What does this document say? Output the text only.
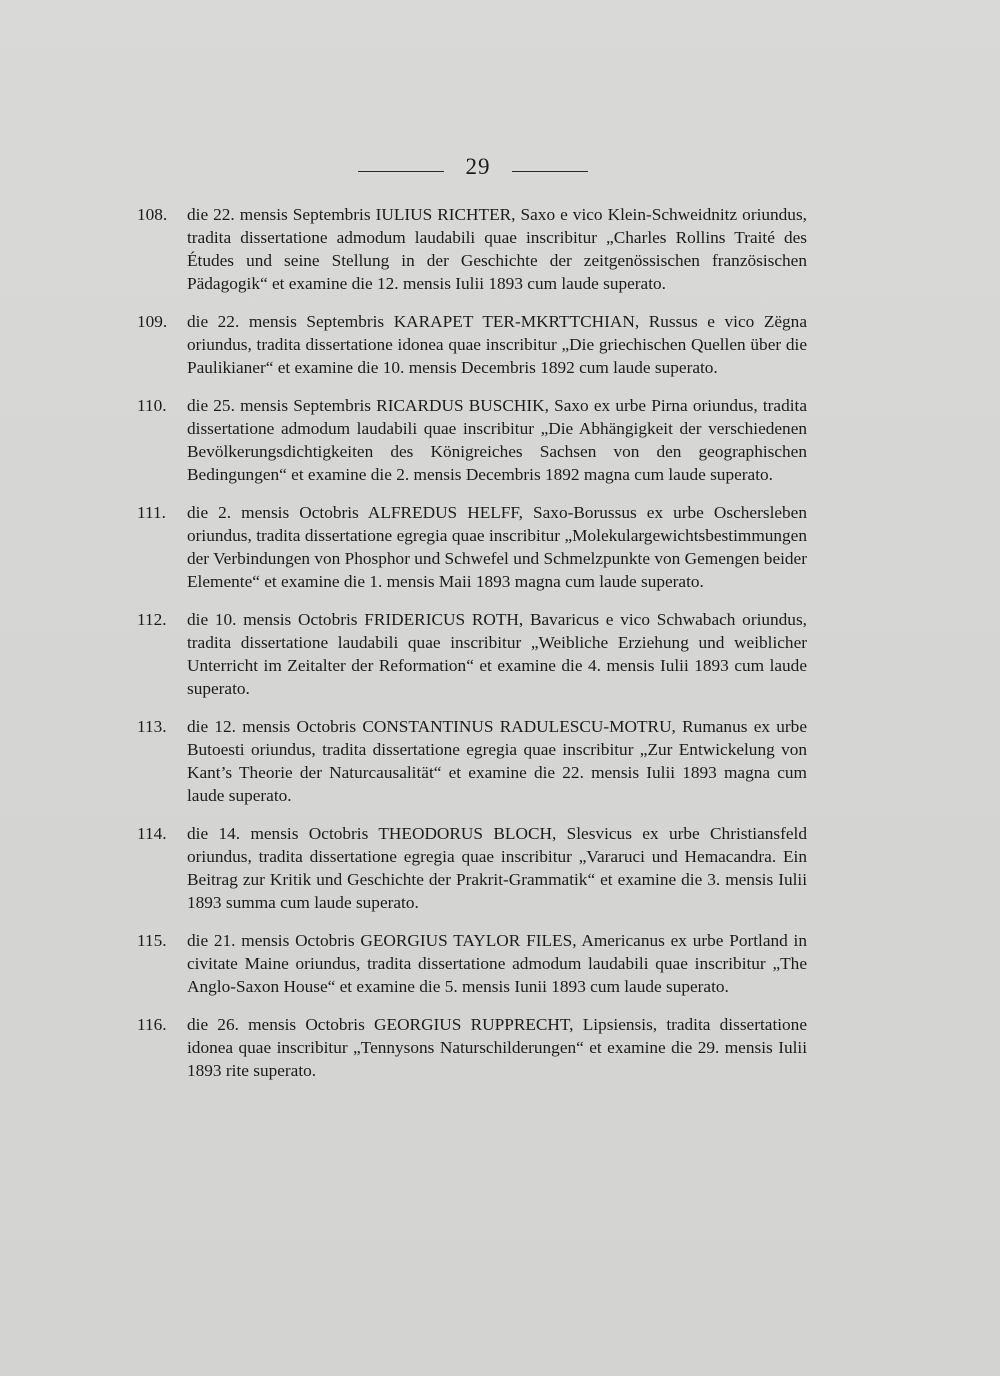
29
108.	die 22. mensis Septembris IULIUS RICHTER, Saxo e vico Klein-Schweidnitz oriundus, tradita dissertatione admodum laudabili quae inscribitur „Charles Rollins Traité des Études und seine Stellung in der Geschichte der zeitgenössischen französischen Pädagogik“ et examine die 12. mensis Iulii 1893 cum laude superato.
109.	die 22. mensis Septembris KARAPET TER-MKRTTCHIAN, Russus e vico Zëgna oriundus, tradita dissertatione idonea quae inscribitur „Die griechischen Quellen über die Paulikianer“ et examine die 10. mensis Decembris 1892 cum laude superato.
110.	die 25. mensis Septembris RICARDUS BUSCHIK, Saxo ex urbe Pirna oriundus, tradita dissertatione admodum laudabili quae inscribitur „Die Abhängigkeit der verschiedenen Bevölkerungsdichtigkeiten des Königreiches Sachsen von den geographischen Bedingungen“ et examine die 2. mensis Decembris 1892 magna cum laude superato.
111.	die 2. mensis Octobris ALFREDUS HELFF, Saxo-Borussus ex urbe Oschersleben oriundus, tradita dissertatione egregia quae inscribitur „Molekulargewichtsbestimmungen der Verbindungen von Phosphor und Schwefel und Schmelzpunkte von Gemengen beider Elemente“ et examine die 1. mensis Maii 1893 magna cum laude superato.
112.	die 10. mensis Octobris FRIDERICUS ROTH, Bavaricus e vico Schwabach oriundus, tradita dissertatione laudabili quae inscribitur „Weibliche Erziehung und weiblicher Unterricht im Zeitalter der Reformation“ et examine die 4. mensis Iulii 1893 cum laude superato.
113.	die 12. mensis Octobris CONSTANTINUS RADULESCU-MOTRU, Rumanus ex urbe Butoesti oriundus, tradita dissertatione egregia quae inscribitur „Zur Entwickelung von Kant’s Theorie der Naturcausalität“ et examine die 22. mensis Iulii 1893 magna cum laude superato.
114.	die 14. mensis Octobris THEODORUS BLOCH, Slesvicus ex urbe Christiansfeld oriundus, tradita dissertatione egregia quae inscribitur „Vararuci und Hemacandra. Ein Beitrag zur Kritik und Geschichte der Prakrit-Grammatik“ et examine die 3. mensis Iulii 1893 summa cum laude superato.
115.	die 21. mensis Octobris GEORGIUS TAYLOR FILES, Americanus ex urbe Portland in civitate Maine oriundus, tradita dissertatione admodum laudabili quae inscribitur „The Anglo-Saxon House“ et examine die 5. mensis Iunii 1893 cum laude superato.
116.	die 26. mensis Octobris GEORGIUS RUPPRECHT, Lipsiensis, tradita dissertatione idonea quae inscribitur „Tennysons Naturschilderungen“ et examine die 29. mensis Iulii 1893 rite superato.
